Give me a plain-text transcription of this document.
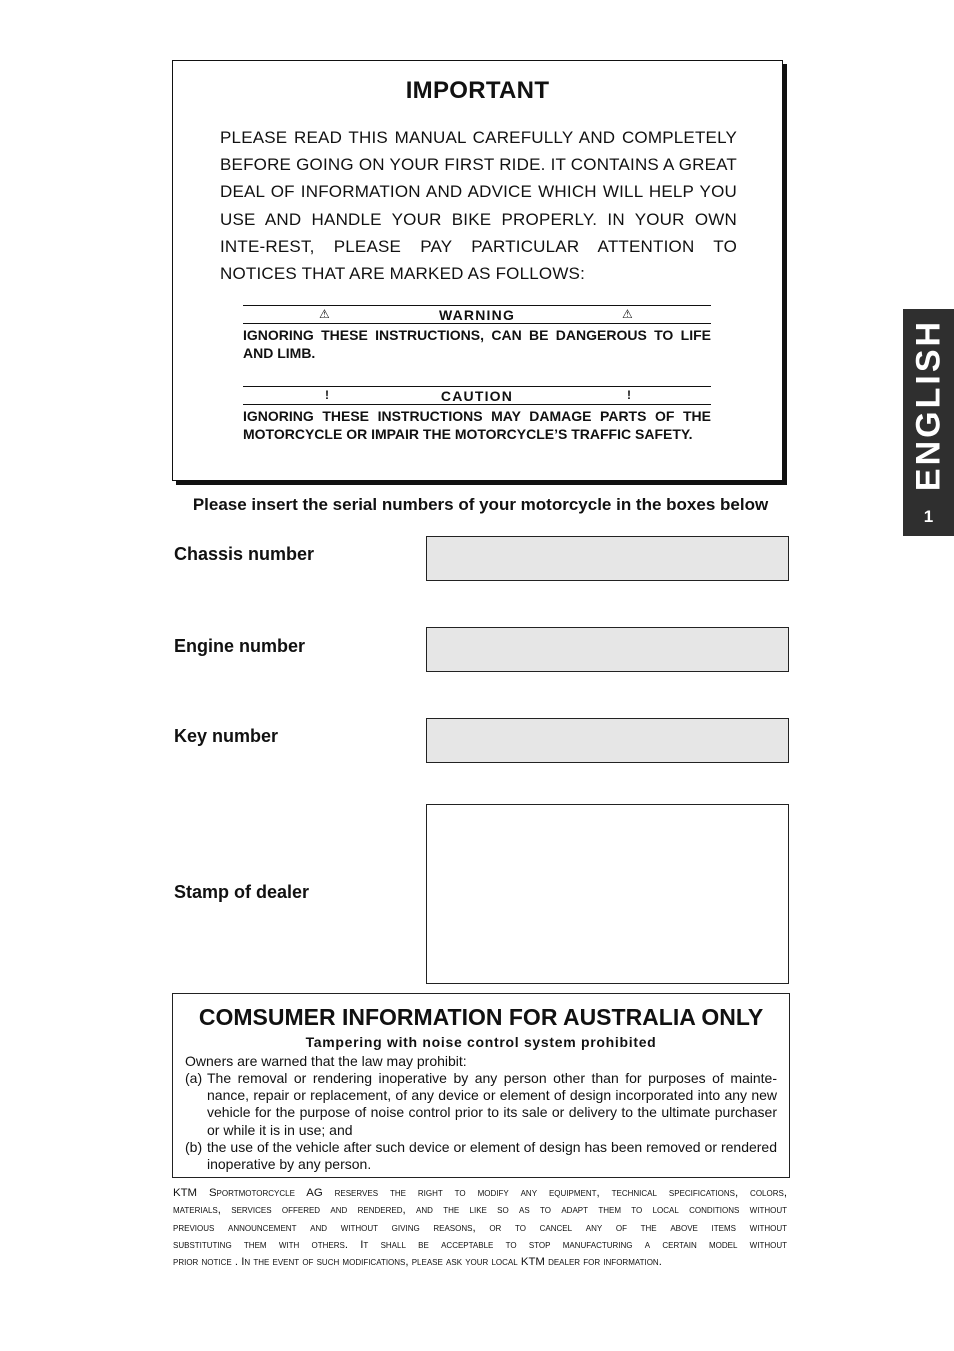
IMPORTANT
PLEASE READ THIS MANUAL CAREFULLY AND COMPLETELY BEFORE GOING ON YOUR FIRST RIDE. IT CONTAINS A GREAT DEAL OF INFORMATION AND ADVICE WHICH WILL HELP YOU USE AND HANDLE YOUR BIKE PROPERLY. IN YOUR OWN INTE-REST, PLEASE PAY PARTICULAR ATTENTION TO NOTICES THAT ARE MARKED AS FOLLOWS:
⚠	WARNING	⚠
IGNORING THESE INSTRUCTIONS, CAN BE DANGEROUS TO LIFE AND LIMB.
!	CAUTION	!
IGNORING THESE INSTRUCTIONS MAY DAMAGE PARTS OF THE MOTORCYCLE OR IMPAIR THE MOTORCYCLE’S TRAFFIC SAFETY.
Please insert the serial numbers of your motorcycle in the boxes below
Chassis number
Engine number
Key number
Stamp of dealer
COMSUMER INFORMATION FOR AUSTRALIA ONLY
Tampering with noise control system prohibited
Owners are warned that the law may prohibit:
(a) The removal or rendering inoperative by any person other than for purposes of mainte-nance, repair or replacement, of any device or element of design incorporated into any new vehicle for the purpose of noise control prior to its sale or delivery to the ultimate purchaser or while it is in use; and
(b) the use of the vehicle after such device or element of design has been removed or rendered inoperative by any person.
KTM Sportmotorcycle AG reserves the right to modify any equipment, technical specifications, colors,
materials, services offered and rendered, and the like so as to adapt them to local conditions without
previous announcement and without giving reasons, or to cancel any of the above items without
substituting them with others. It shall be acceptable to stop manufacturing a certain model without
prior notice . In the event of such modifications, please ask your local KTM dealer for information.
ENGLISH
1
